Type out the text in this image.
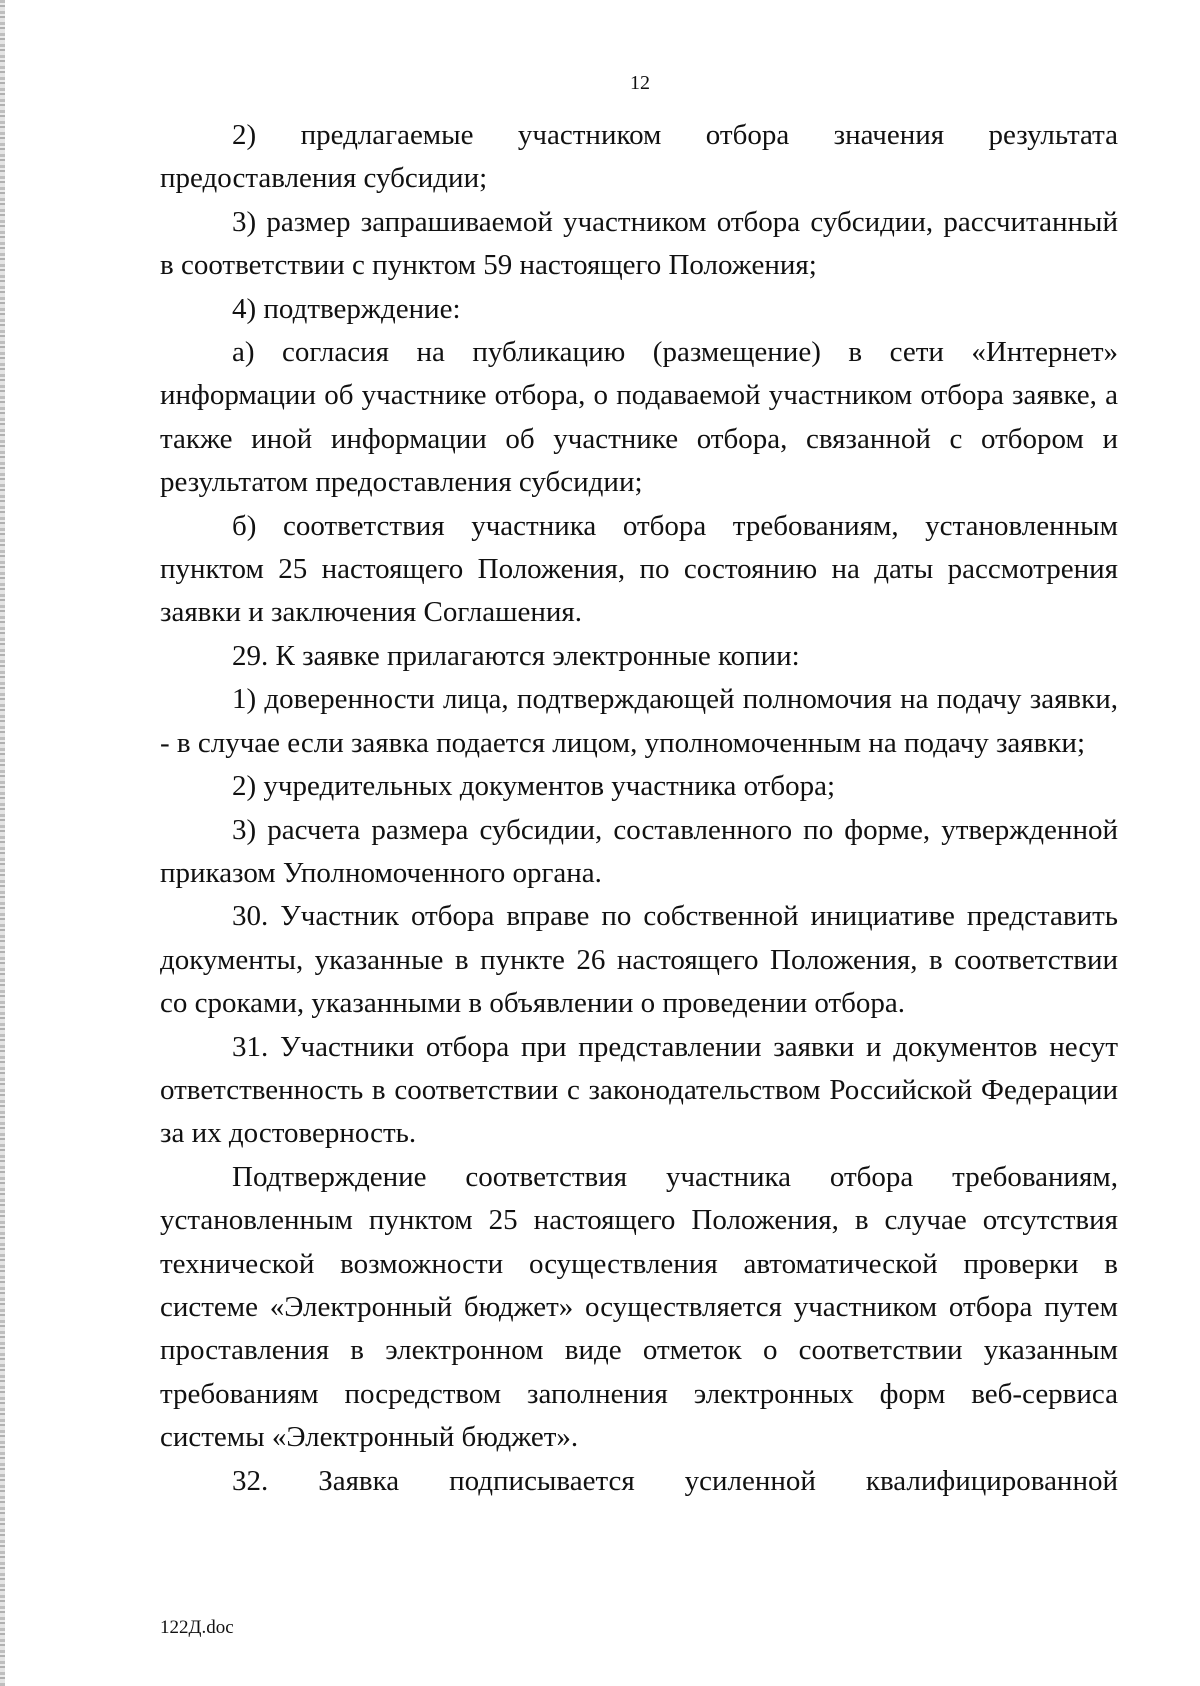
12

2) предлагаемые участником отбора значения результата предоставления субсидии;

3) размер запрашиваемой участником отбора субсидии, рассчитанный в соответствии с пунктом 59 настоящего Положения;

4) подтверждение:

а) согласия на публикацию (размещение) в сети «Интернет» информации об участнике отбора, о подаваемой участником отбора заявке, а также иной информации об участнике отбора, связанной с отбором и результатом предоставления субсидии;

б) соответствия участника отбора требованиям, установленным пунктом 25 настоящего Положения, по состоянию на даты рассмотрения заявки и заключения Соглашения.

29. К заявке прилагаются электронные копии:

1) доверенности лица, подтверждающей полномочия на подачу заявки, - в случае если заявка подается лицом, уполномоченным на подачу заявки;

2) учредительных документов участника отбора;

3) расчета размера субсидии, составленного по форме, утвержденной приказом Уполномоченного органа.

30. Участник отбора вправе по собственной инициативе представить документы, указанные в пункте 26 настоящего Положения, в соответствии со сроками, указанными в объявлении о проведении отбора.

31. Участники отбора при представлении заявки и документов несут ответственность в соответствии с законодательством Российской Федерации за их достоверность.

Подтверждение соответствия участника отбора требованиям, установленным пунктом 25 настоящего Положения, в случае отсутствия технической возможности осуществления автоматической проверки в системе «Электронный бюджет» осуществляется участником отбора путем проставления в электронном виде отметок о соответствии указанным требованиям посредством заполнения электронных форм веб-сервиса системы «Электронный бюджет».

32. Заявка подписывается усиленной квалифицированной

122Д.doc
